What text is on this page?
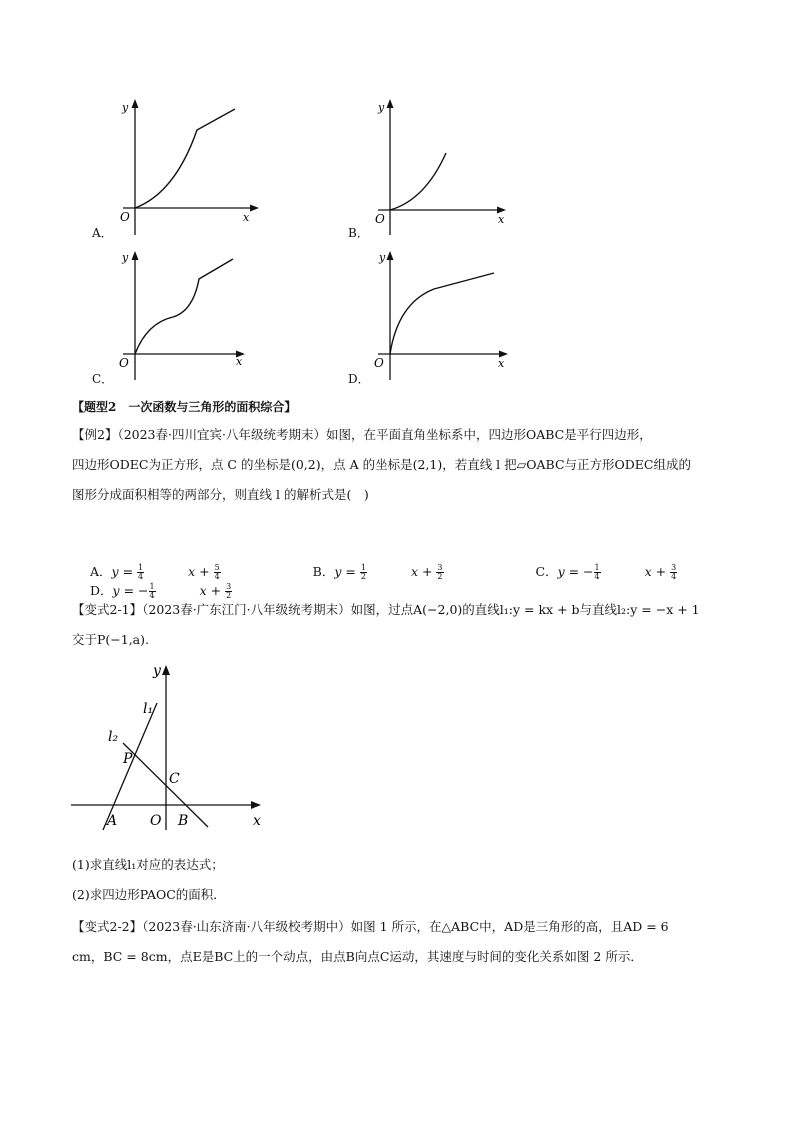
y
x
O
A．
y
x
O
B．
y
x
O
C．
y
x
O
D．
【题型2　一次函数与三角形的面积综合】
【例2】（2023春·四川宜宾·八年级统考期末）如图，在平面直角坐标系中，四边形OABC是平行四边形，
四边形ODEC为正方形，点 C 的坐标是(0,2)，点 A 的坐标是(2,1)，若直线 l 把▱OABC与正方形ODEC组成的
图形分成面积相等的两部分，则直线 l 的解析式是(　)
A．$y = \frac{1}{4}$	$x + \frac{5}{4}$	B．$y = \frac{1}{2}$	$x + \frac{3}{2}$	C．y = − $\frac{1}{4}$	$x + \frac{3}{4}$
D．y = − $\frac{1}{4}$	$x + \frac{3}{2}$
【变式2-1】（2023春·广东江门·八年级统考期末）如图，过点A(−2,0)的直线l₁:y = kx + b与直线l₂:y = −x + 1
交于P(−1,a).
y
x
O
l₁
l₂
P
C
A	B
(1)求直线l₁对应的表达式；
(2)求四边形PAOC的面积．
【变式2-2】（2023春·山东济南·八年级校考期中）如图 1 所示，在△ABC中，AD是三角形的高，且AD = 6
cm，BC = 8cm，点E是BC上的一个动点，由点B向点C运动，其速度与时间的变化关系如图 2 所示．
